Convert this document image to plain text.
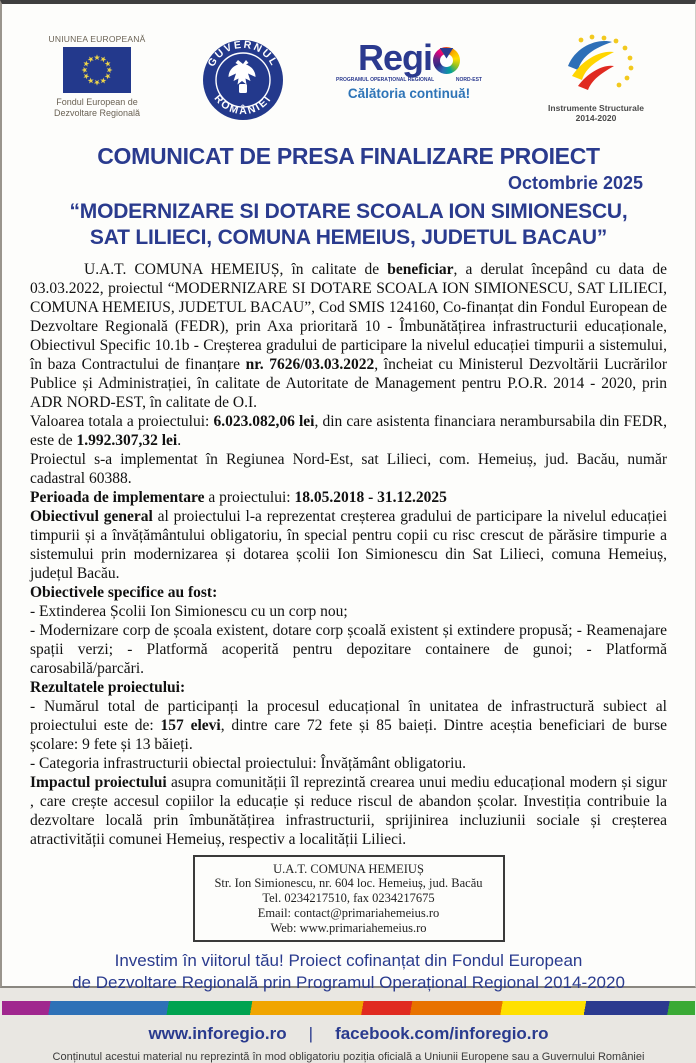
UNIUNEA EUROPEANĂ
Fondul European de
Dezvoltare Regională
GUVERNUL
ROMÂNIEI
Regi
PROGRAMUL OPERAȚIONAL REGIONAL	NORD-EST
Călătoria continuă!
Instrumente Structurale
2014-2020
COMUNICAT DE PRESA FINALIZARE PROIECT
Octombrie 2025
“MODERNIZARE SI DOTARE SCOALA ION SIMIONESCU,
SAT LILIECI, COMUNA HEMEIUS, JUDETUL BACAU”

U.A.T. COMUNA HEMEIUȘ, în calitate de beneficiar, a derulat începând cu data de 03.03.2022, proiectul “MODERNIZARE SI DOTARE SCOALA ION SIMIONESCU, SAT LILIECI, COMUNA HEMEIUS, JUDETUL BACAU”, Cod SMIS 124160, Co-finanțat din Fondul European de Dezvoltare Regională (FEDR), prin Axa prioritară 10 - Îmbunătățirea infrastructurii educaționale, Obiectivul Specific 10.1b - Creșterea gradului de participare la nivelul educației timpurii a sistemului, în baza Contractului de finanțare nr. 7626/03.03.2022, încheiat cu Ministerul Dezvoltării Lucrărilor Publice și Administrației, în calitate de Autoritate de Management pentru P.O.R. 2014 - 2020, prin ADR NORD-EST, în calitate de O.I.

Valoarea totala a proiectului: 6.023.082,06 lei, din care asistenta financiara nerambursabila din FEDR, este de 1.992.307,32 lei.

Proiectul s-a implementat în Regiunea Nord-Est, sat Lilieci, com. Hemeiuș, jud. Bacău, număr cadastral 60388.

Perioada de implementare a proiectului: 18.05.2018 - 31.12.2025

Obiectivul general al proiectului l-a reprezentat creșterea gradului de participare la nivelul educației timpurii și a învățământului obligatoriu, în special pentru copii cu risc crescut de părăsire timpurie a sistemului prin modernizarea și dotarea școlii Ion Simionescu din Sat Lilieci, comuna Hemeiuș, județul Bacău.

Obiectivele specifice au fost:

- Extinderea Școlii Ion Simionescu cu un corp nou;

- Modernizare corp de școala existent, dotare corp școală existent și extindere propusă; - Reamenajare spații verzi; - Platformă acoperită pentru depozitare containere de gunoi; - Platformă carosabilă/parcări.

Rezultatele proiectului:

- Numărul total de participanți la procesul educațional în unitatea de infrastructură subiect al proiectului este de: 157 elevi, dintre care 72 fete și 85 baieți. Dintre aceștia beneficiari de burse școlare: 9 fete și 13 băieți.

- Categoria infrastructurii obiectal proiectului: Învățământ obligatoriu.

Impactul proiectului asupra comunității îl reprezintă crearea unui mediu educațional modern și sigur , care crește accesul copiilor la educație și reduce riscul de abandon școlar. Investiția contribuie la dezvoltare locală prin îmbunătățirea infrastructurii, sprijinirea incluziunii sociale și creșterea atractivității comunei Hemeiuș, respectiv a localității Lilieci.

U.A.T. COMUNA HEMEIUȘ
Str. Ion Simionescu, nr. 604 loc. Hemeiuș, jud. Bacău
Tel. 0234217510, fax 0234217675
Email: contact@primariahemeius.ro
Web: www.primariahemeius.ro
Investim în viitorul tău! Proiect cofinanțat din Fondul European
de Dezvoltare Regională prin Programul Operațional Regional 2014-2020
www.inforegio.ro | facebook.com/inforegio.ro
Conținutul acestui material nu reprezintă în mod obligatoriu poziția oficială a Uniunii Europene sau a Guvernului României
